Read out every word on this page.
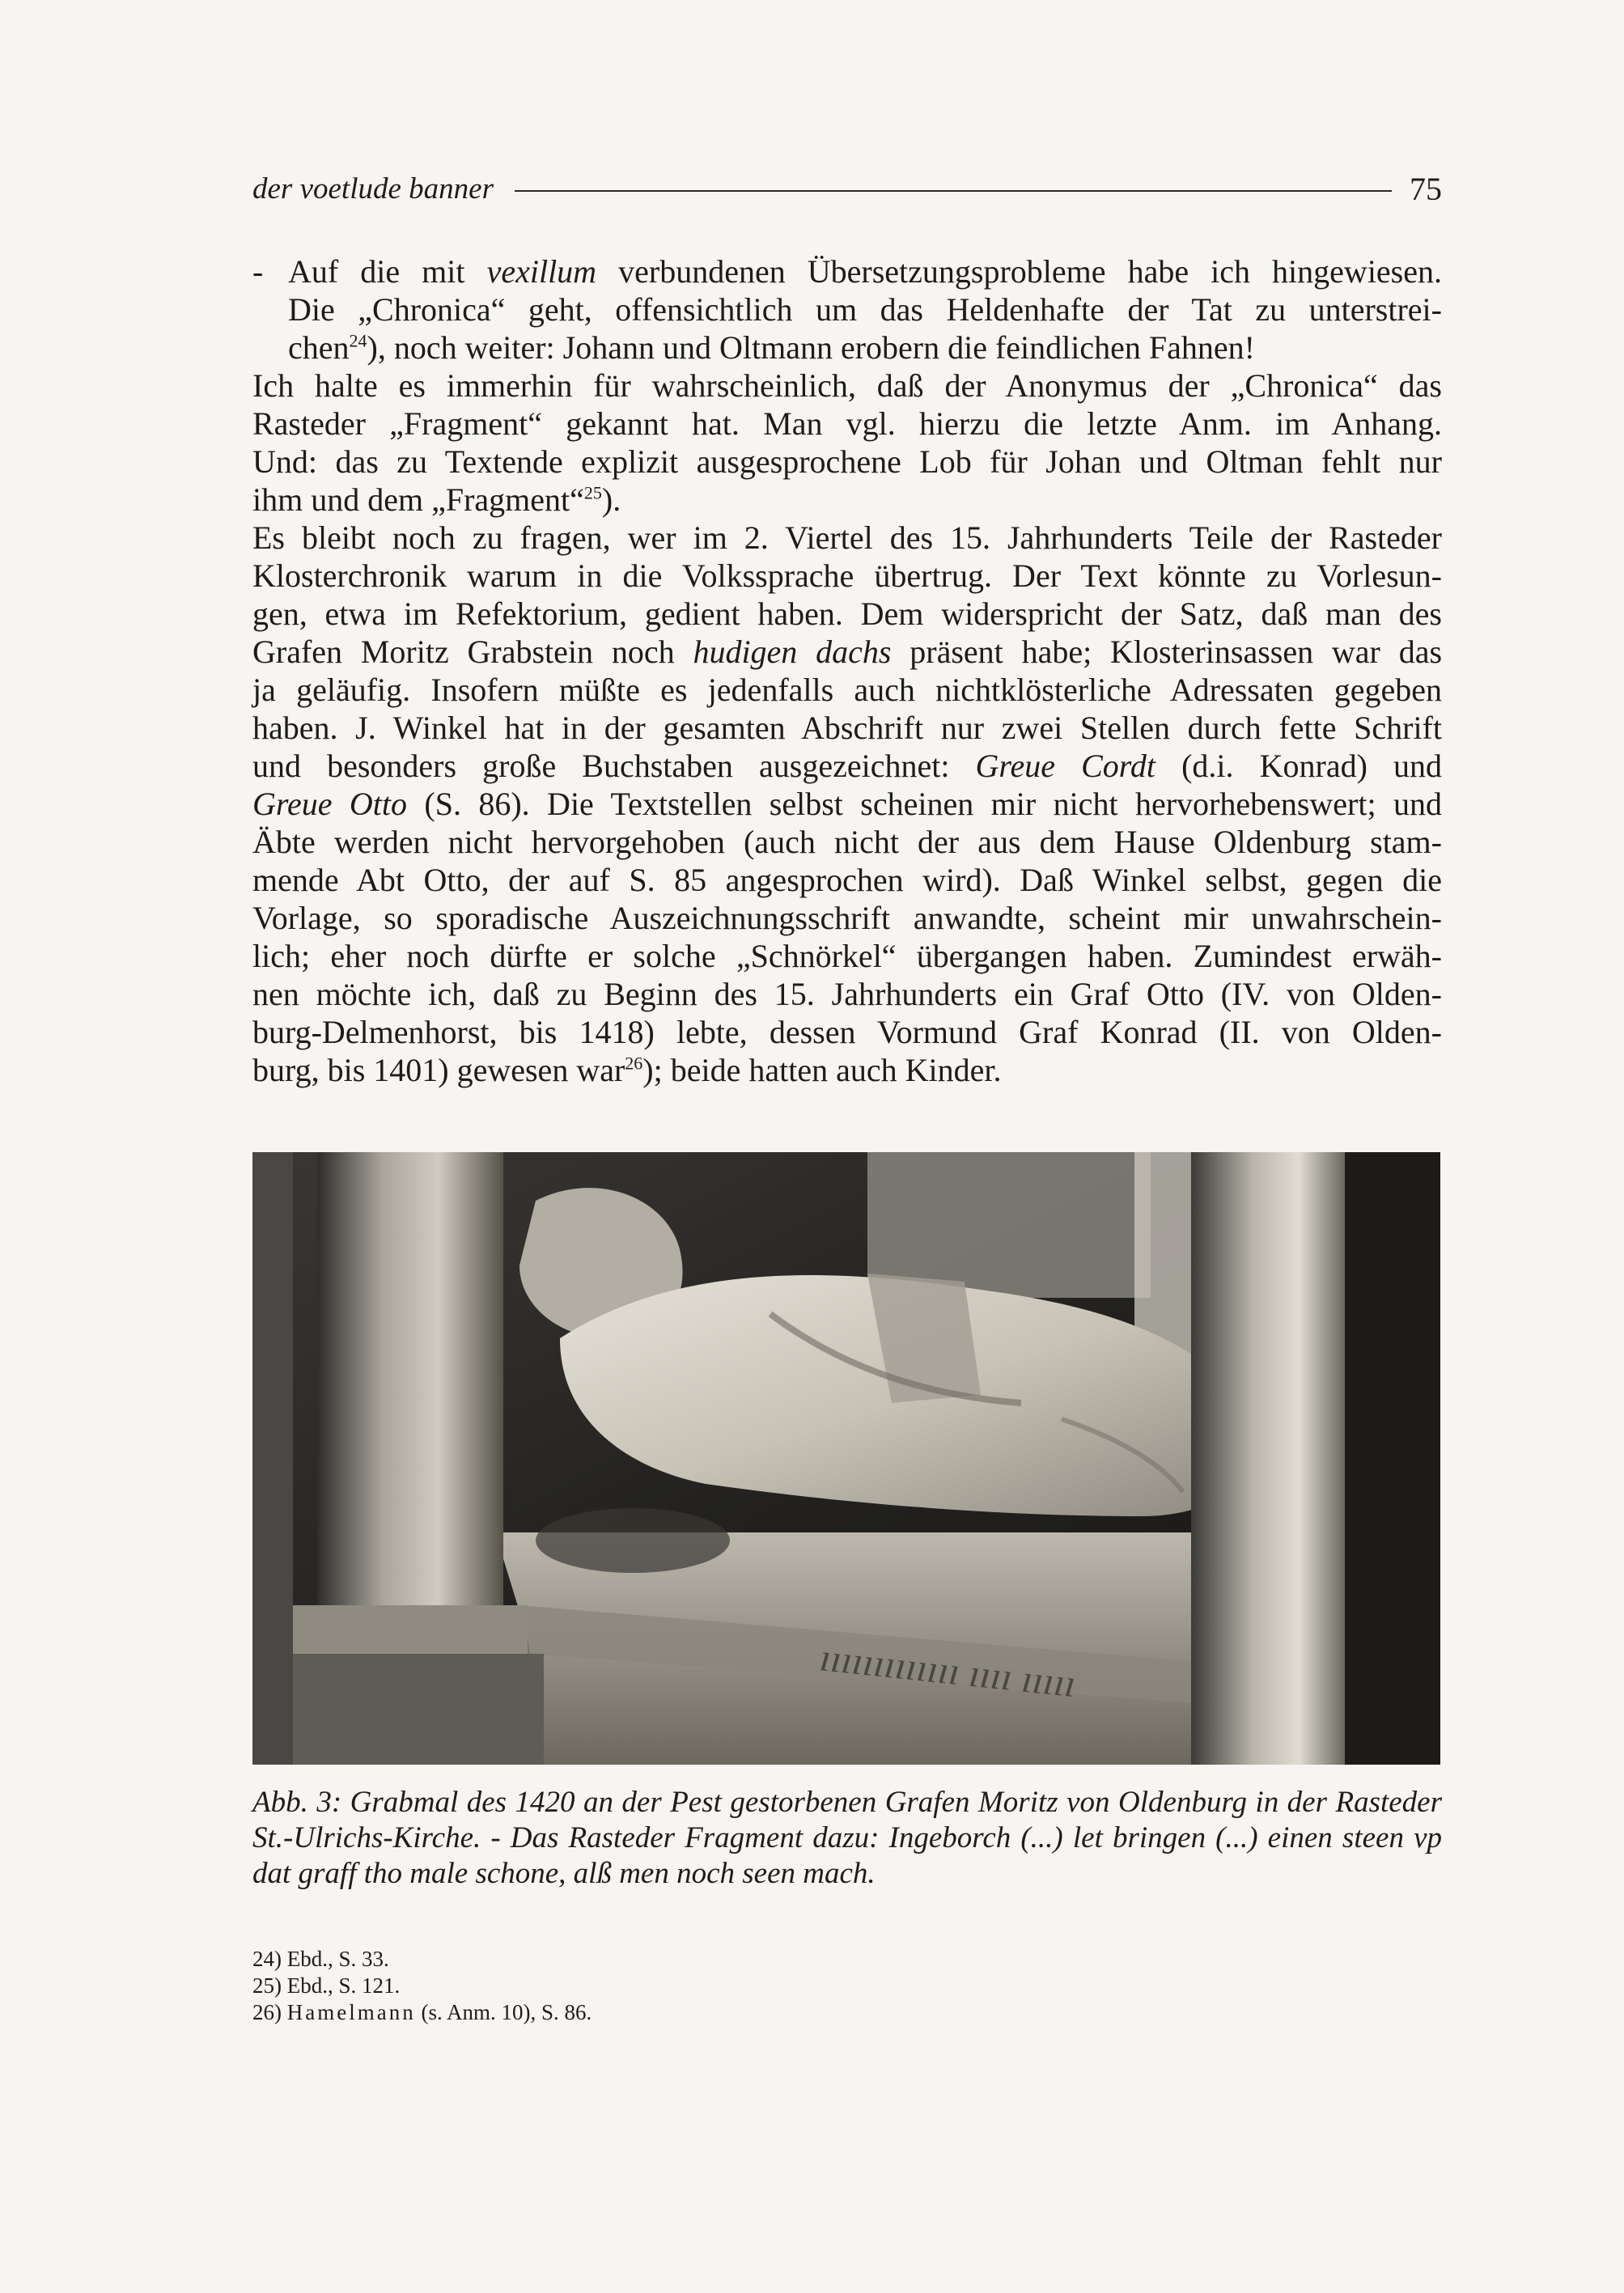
der voetlude banner	75

- Auf die mit vexillum verbundenen Übersetzungsprobleme habe ich hingewiesen.
Die „Chronica“ geht, offensichtlich um das Heldenhafte der Tat zu unterstrei-
chen$^{24}$), noch weiter: Johann und Oltmann erobern die feindlichen Fahnen!

Ich halte es immerhin für wahrscheinlich, daß der Anonymus der „Chronica“ das
Rasteder „Fragment“ gekannt hat. Man vgl. hierzu die letzte Anm. im Anhang.
Und: das zu Textende explizit ausgesprochene Lob für Johan und Oltman fehlt nur
ihm und dem „Fragment“$^{25}$).

Es bleibt noch zu fragen, wer im 2. Viertel des 15. Jahrhunderts Teile der Rasteder
Klosterchronik warum in die Volkssprache übertrug. Der Text könnte zu Vorlesun-
gen, etwa im Refektorium, gedient haben. Dem widerspricht der Satz, daß man des
Grafen Moritz Grabstein noch hudigen dachs präsent habe; Klosterinsassen war das
ja geläufig. Insofern müßte es jedenfalls auch nichtklösterliche Adressaten gegeben
haben. J. Winkel hat in der gesamten Abschrift nur zwei Stellen durch fette Schrift
und besonders große Buchstaben ausgezeichnet: Greue Cordt (d.i. Konrad) und
Greue Otto (S. 86). Die Textstellen selbst scheinen mir nicht hervorhebenswert; und
Äbte werden nicht hervorgehoben (auch nicht der aus dem Hause Oldenburg stam-
mende Abt Otto, der auf S. 85 angesprochen wird). Daß Winkel selbst, gegen die
Vorlage, so sporadische Auszeichnungsschrift anwandte, scheint mir unwahrschein-
lich; eher noch dürfte er solche „Schnörkel“ übergangen haben. Zumindest erwäh-
nen möchte ich, daß zu Beginn des 15. Jahrhunderts ein Graf Otto (IV. von Olden-
burg-Delmenhorst, bis 1418) lebte, dessen Vormund Graf Konrad (II. von Olden-
burg, bis 1401) gewesen war$^{26}$); beide hatten auch Kinder.

ııııııııııııı ıııı ııııı
Abb. 3: Grabmal des 1420 an der Pest gestorbenen Grafen Moritz von Oldenburg in der Rasteder
St.-Ulrichs-Kirche. - Das Rasteder Fragment dazu: Ingeborch (...) let bringen (...) einen steen vp
dat graff tho male schone, alß men noch seen mach.
24) Ebd., S. 33.
25) Ebd., S. 121.
26) Hamelmann (s. Anm. 10), S. 86.
